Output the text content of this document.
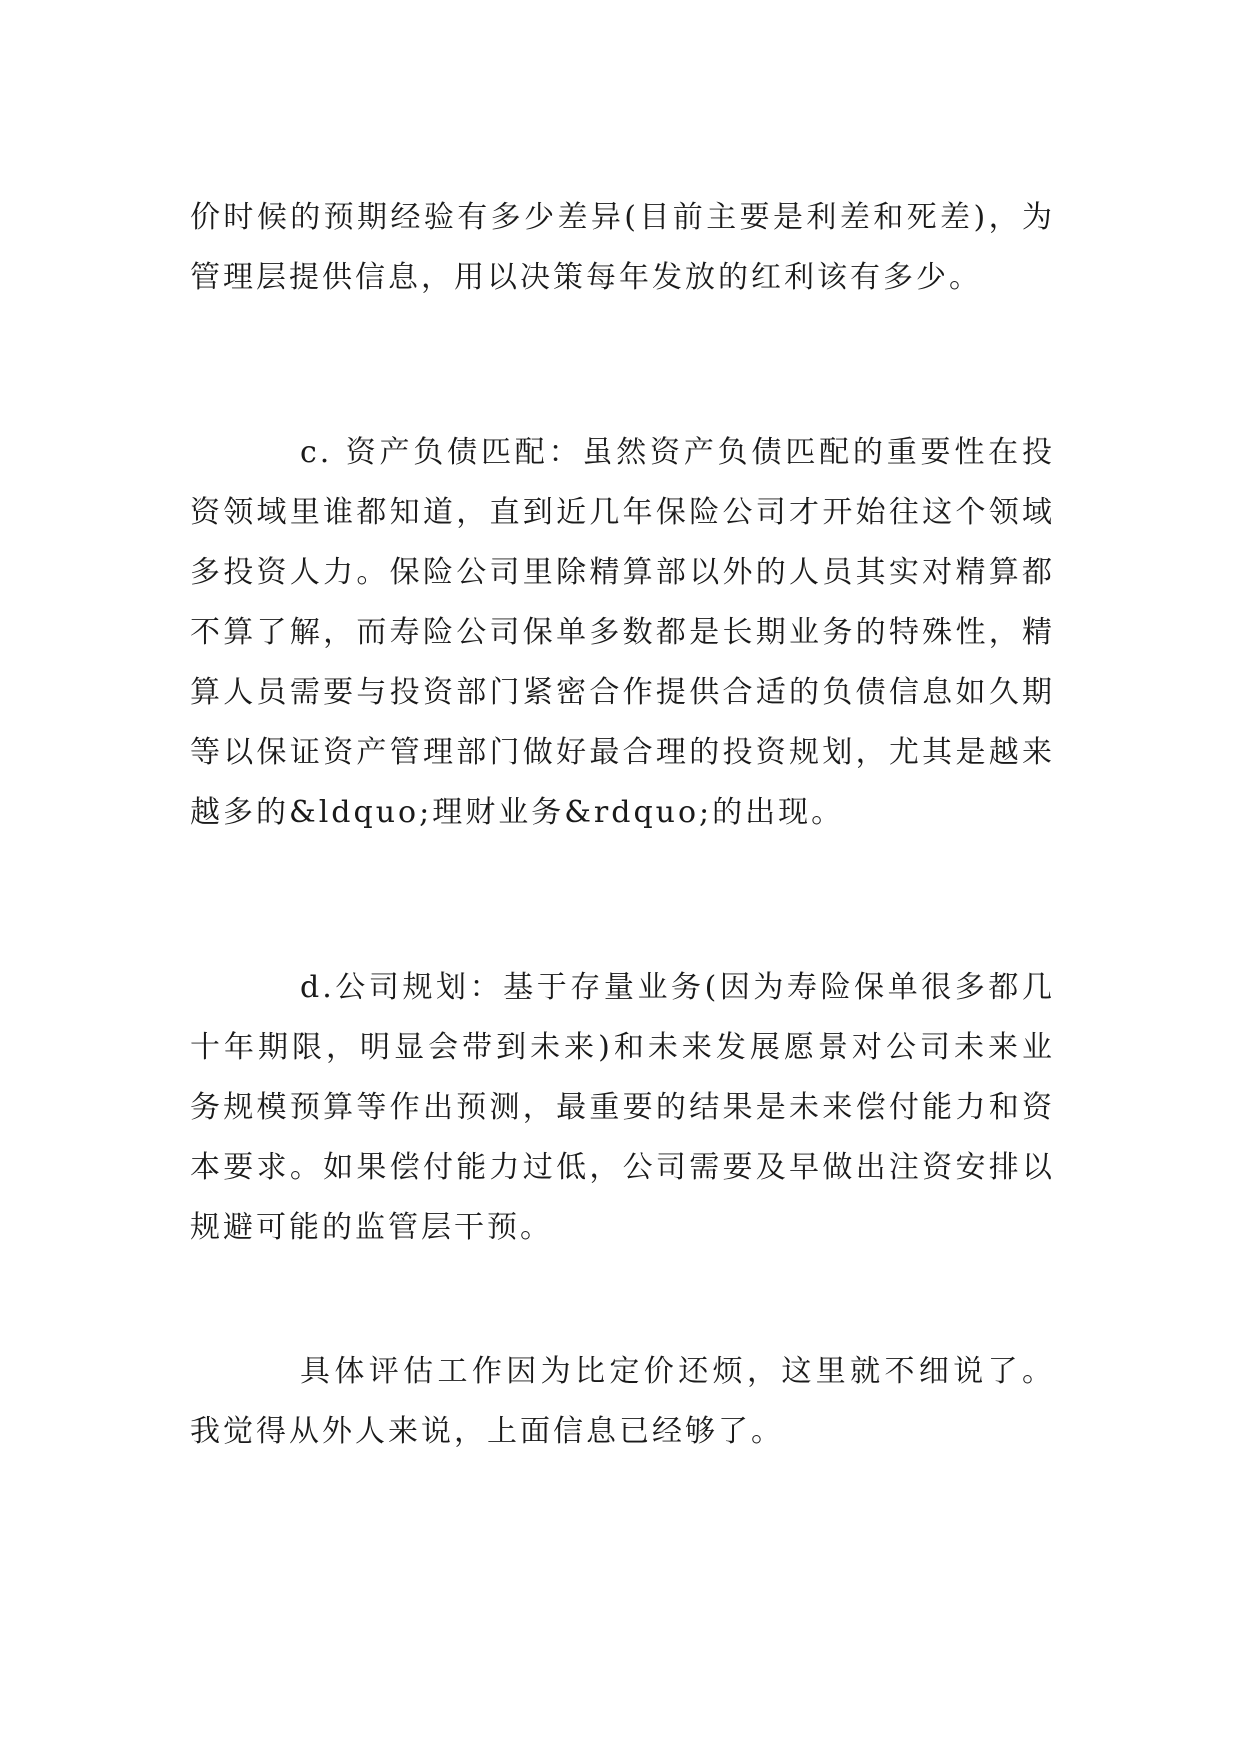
价时候的预期经验有多少差异(目前主要是利差和死差)，为管理层提供信息，用以决策每年发放的红利该有多少。

c. 资产负债匹配：虽然资产负债匹配的重要性在投资领域里谁都知道，直到近几年保险公司才开始往这个领域多投资人力。保险公司里除精算部以外的人员其实对精算都不算了解，而寿险公司保单多数都是长期业务的特殊性，精算人员需要与投资部门紧密合作提供合适的负债信息如久期等以保证资产管理部门做好最合理的投资规划，尤其是越来越多的&ldquo;理财业务&rdquo;的出现。

d.公司规划：基于存量业务(因为寿险保单很多都几十年期限，明显会带到未来)和未来发展愿景对公司未来业务规模预算等作出预测，最重要的结果是未来偿付能力和资本要求。如果偿付能力过低，公司需要及早做出注资安排以规避可能的监管层干预。

具体评估工作因为比定价还烦，这里就不细说了。我觉得从外人来说，上面信息已经够了。
